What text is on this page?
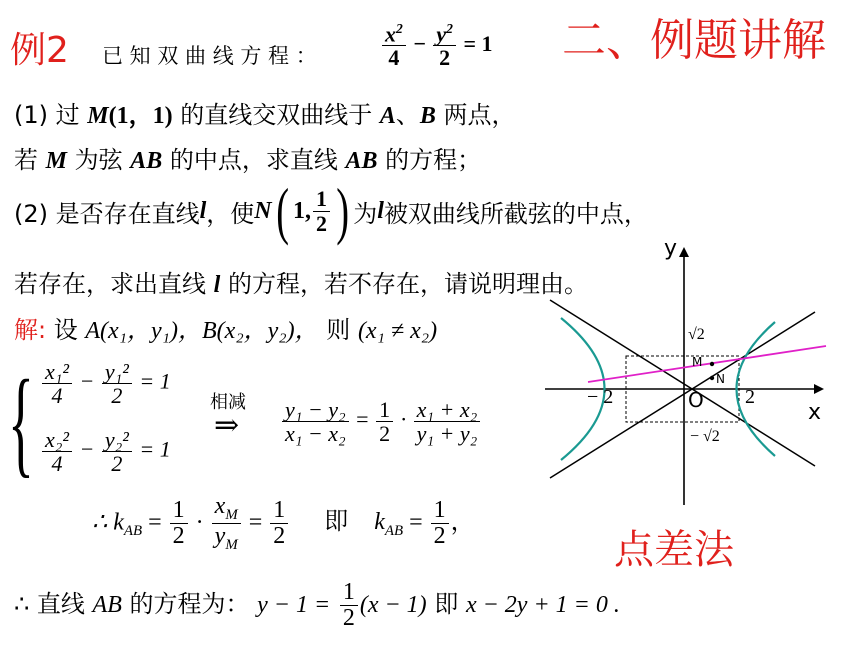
例2	二、例题讲解
已 知 双 曲 线 方 程 ：	$\frac{x^2}{4} - \frac{y^2}{2} = 1$
(1) 过 M(1，1) 的直线交双曲线于 A、B 两点，
若 M 为弦 AB 的中点，求直线 AB 的方程；
(2) 是否存在直线 l ，使 N ( 1, $\frac{1}{2}$ ) 为 l 被双曲线所截弦的中点，
若存在，求出直线 l 的方程，若不存在，请说明理由。
解: 设 A(x₁，y₁)，B(x₂，y₂)， 则 (x₁ ≠ x₂)
{ $\frac{\text{x₁²}}{4} - \frac{\text{y₁²}}{2} = 1$
$\frac{\text{x₂²}}{4} - \frac{\text{y₂²}}{2} = 1$
相减
⇒ $\frac{\text{y₁ − y₂}}{\text{x₁ − x₂}} = \frac{1}{2} \cdot \frac{\text{x₁ + x₂}}{\text{y₁ + y₂}}$
∴ $k_{AB} = \frac{1}{2} \cdot \frac{x_M}{y_M} = \frac{1}{2}$ 即 $k_{AB} = \frac{1}{2}$ ，
∴ 直线 AB 的方程为： $y - 1 = \frac{1}{2} (x - 1)$ 即 x − 2y + 1 = 0 .
点差法
y
x
O
− 2	2
√2
− √2
M
N
